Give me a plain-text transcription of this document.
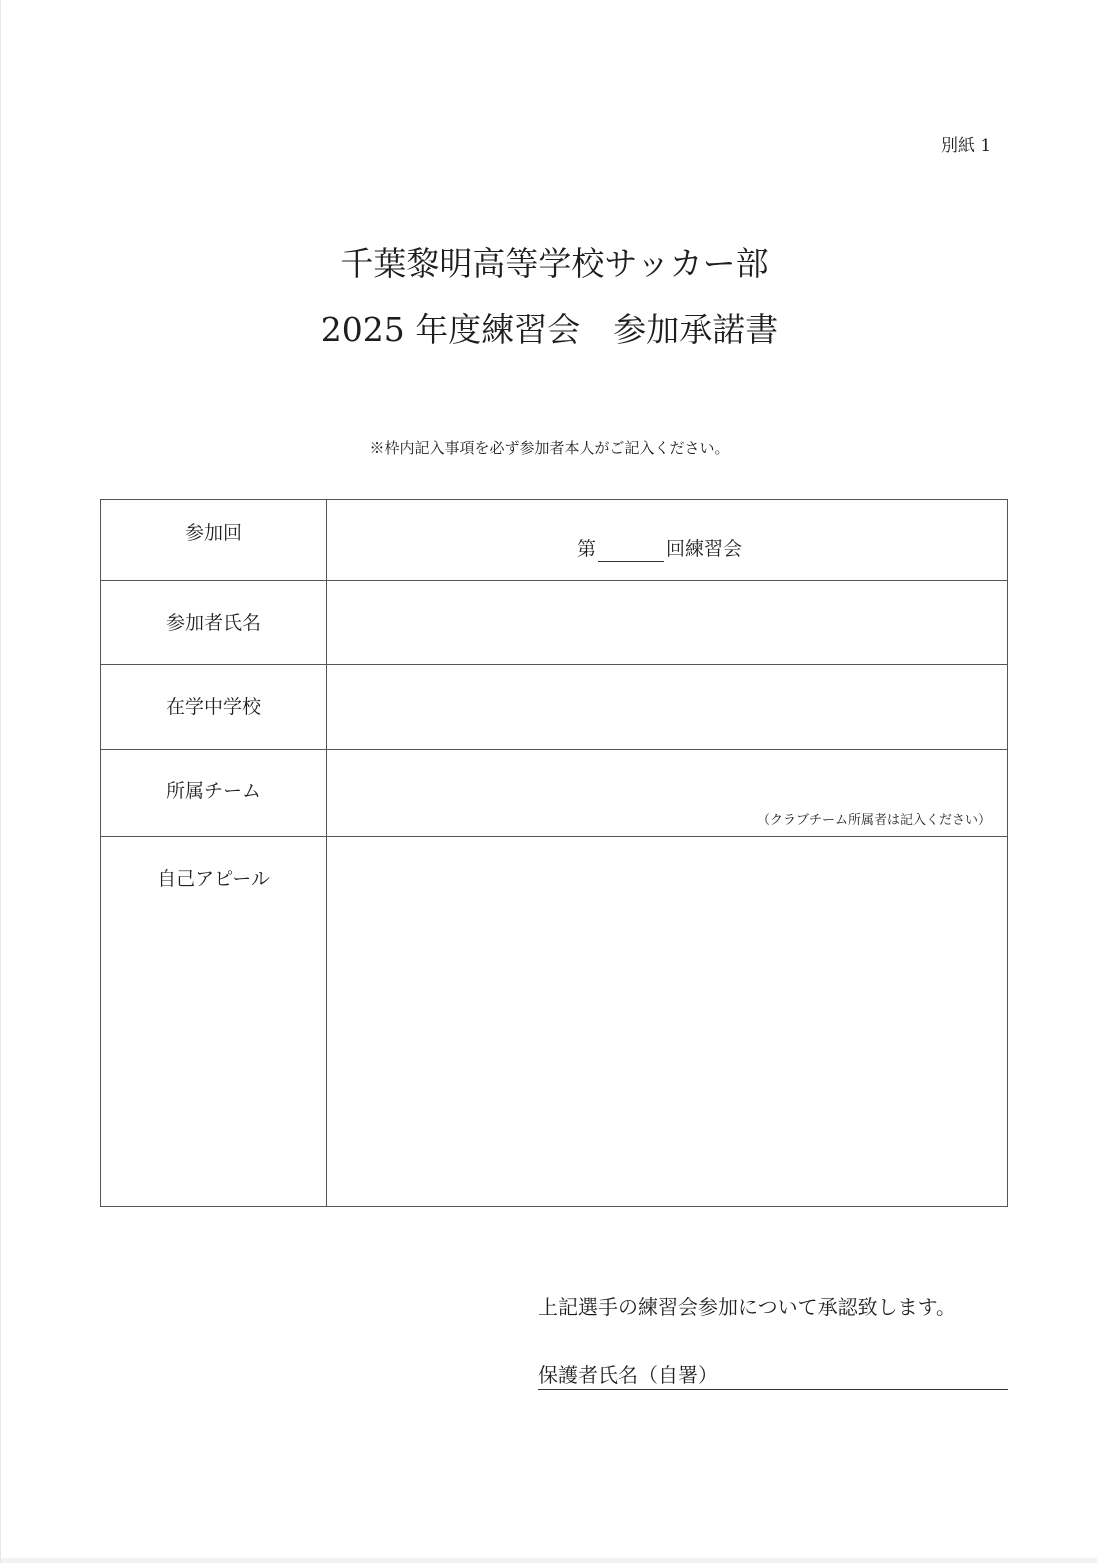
別紙 1
千葉黎明高等学校サッカー部
2025 年度練習会　参加承諾書
※枠内記入事項を必ず参加者本人がご記入ください。
参加回
第	回練習会
参加者氏名
在学中学校
所属チーム
（クラブチーム所属者は記入ください）
自己アピール
上記選手の練習会参加について承認致します。
保護者氏名（自署）
